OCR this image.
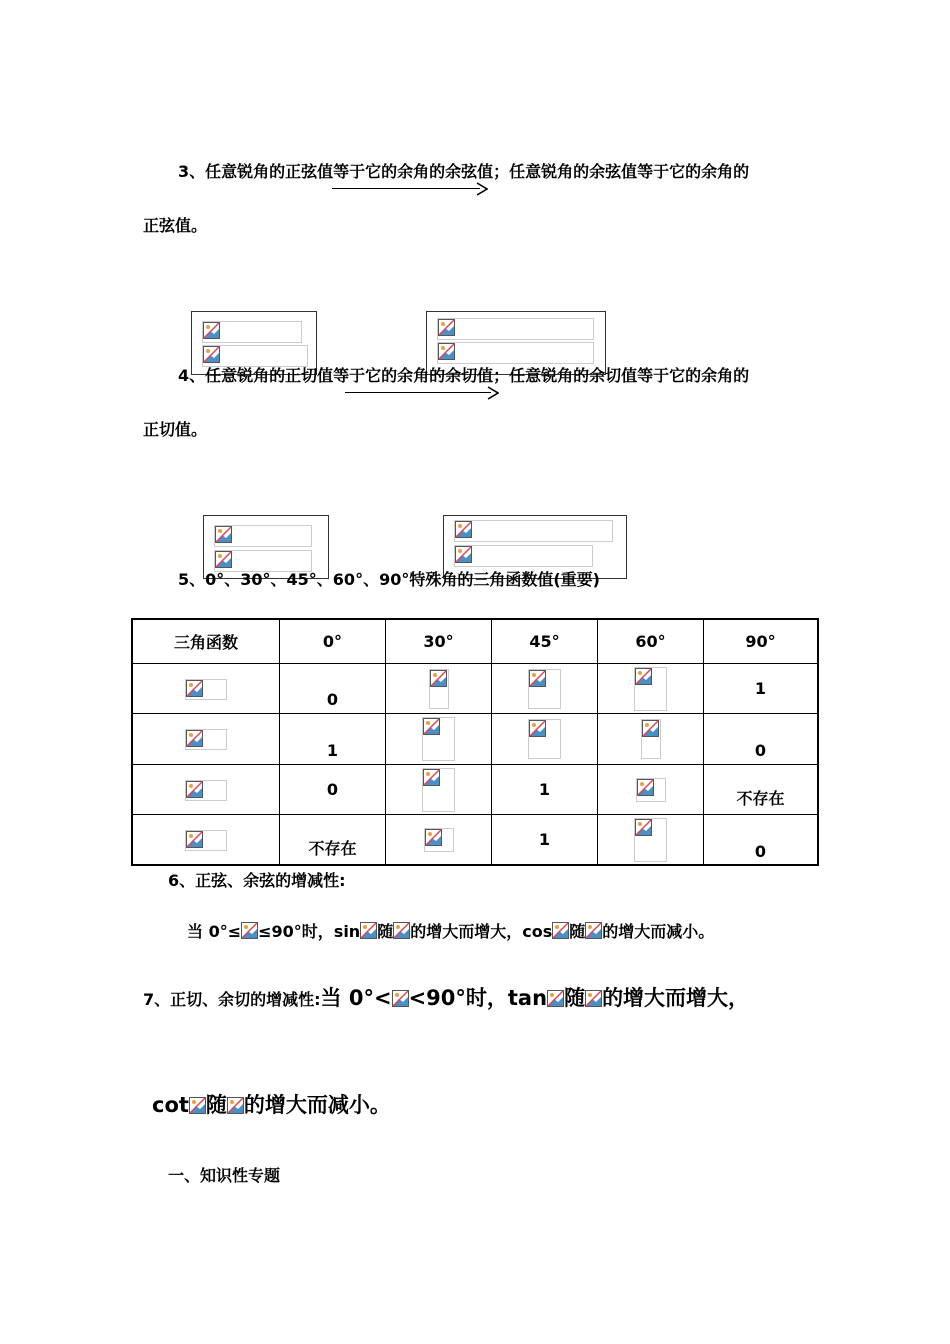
3、任意锐角的正弦值等于它的余角的余弦值；任意锐角的余弦值等于它的余角的
正弦值。
4、任意锐角的正切值等于它的余角的余切值；任意锐角的余切值等于它的余角的
正切值。
5、0°、30°、45°、60°、90°特殊角的三角函数值(重要)
三角函数	0°	30°	45°	60°	90°

0				1

1				0

0		1		不存在

不存在		1		0
6、正弦、余弦的增减性:
当 0°≤ ≤90°时，sin 随 的增大而增大，cos 随 的增大而减小。
7、正切、余切的增减性:当 0°< <90°时，tan 随 的增大而增大，
cot 随 的增大而减小。
一、知识性专题
